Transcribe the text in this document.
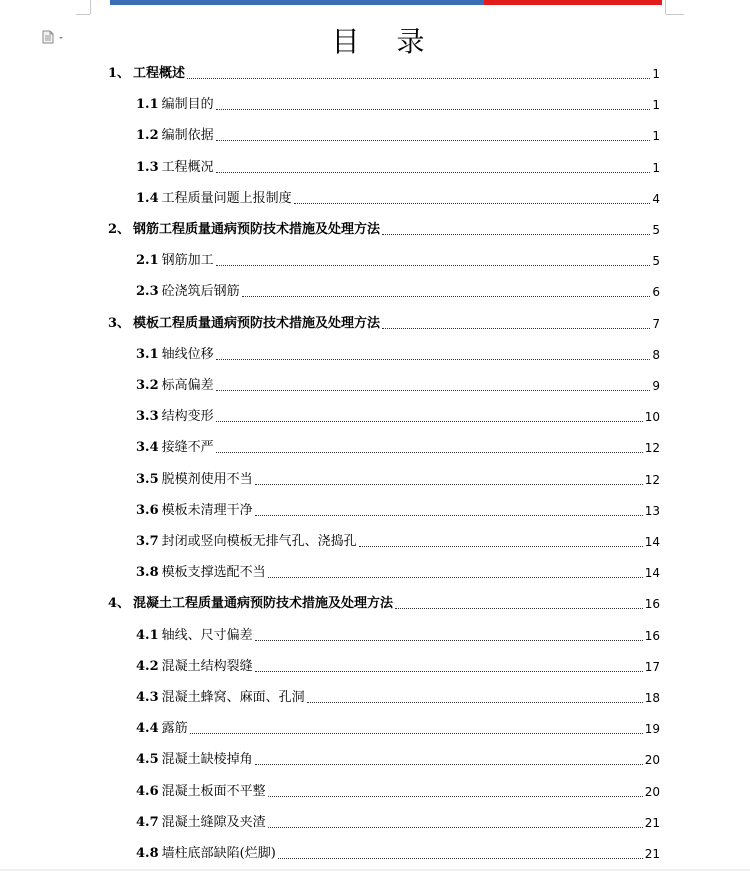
目 录
1、 工程概述	1
1.1 编制目的	1
1.2 编制依据	1
1.3 工程概况	1
1.4 工程质量问题上报制度	4
2、 钢筋工程质量通病预防技术措施及处理方法	5
2.1 钢筋加工	5
2.3 砼浇筑后钢筋	6
3、 模板工程质量通病预防技术措施及处理方法	7
3.1 轴线位移	8
3.2 标高偏差	9
3.3 结构变形	10
3.4 接缝不严	12
3.5 脱模剂使用不当	12
3.6 模板未清理干净	13
3.7 封闭或竖向模板无排气孔、浇捣孔	14
3.8 模板支撑选配不当	14
4、 混凝土工程质量通病预防技术措施及处理方法	16
4.1 轴线、尺寸偏差	16
4.2 混凝土结构裂缝	17
4.3 混凝土蜂窝、麻面、孔洞	18
4.4 露筋	19
4.5 混凝土缺棱掉角	20
4.6 混凝土板面不平整	20
4.7 混凝土缝隙及夹渣	21
4.8 墙柱底部缺陷(烂脚)	21
